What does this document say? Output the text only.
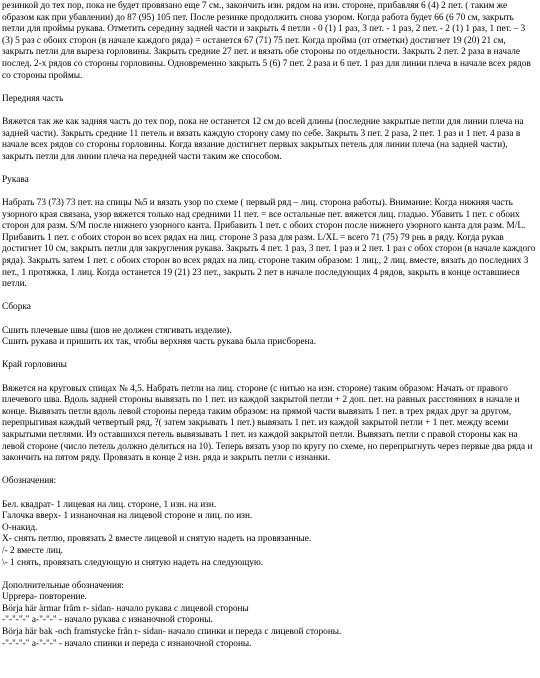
резинкой до тех пор, пока не будет провязано еще 7 см., закончить изн. рядом на изн. стороне, прибавляя 6 (4) 2 пет. ( таким же образом как при убавлении) до 87 (95) 105 пет. После резинке продолжить снова узором. Когда работа будет 66 (6 70 см, закрыть петли для проймы рукава. Отметить середину задней части и закрыть 4 петли - 0 (1) 1 раз, 3 пет. - 1 раз, 2 пет. - 2 (1) 1 раз, 1 пет. – 3 (3) 5 раз с обоих сторон (в начале каждого ряда) = останется 67 (71) 75 пет. Когда пройма (от отметки) достигнет 19 (20) 21 см, закрыть петли для выреза горловины. Закрыть средние 27 пет. и вязать обе стороны по отдельности. Закрыть 2 пет. 2 раза в начале послед. 2-х рядов со стороны горловины. Одновременно закрыть 5 (6) 7 пет. 2 раза и 6 пет. 1 раз для линии плеча в начале всех рядов со стороны проймы.

Передняя часть

Вяжется так же как задняя часть до тех пор, пока не останется 12 см до всей длины (последние закрытые петли для линии плеча на задней части). Закрыть средние 11 петель и вязать каждую сторону саму по себе. Закрыть 3 пет. 2 раза, 2 пет. 1 раз и 1 пет. 4 раза в начале всех рядов со стороны горловины. Когда вязание достигнет первых закрытых петель для линии плеча (на задней части), закрыть петли для линии плеча на передней части таким же способом.

Рукава

Набрать 73 (73) 73 пет. на спицы №5 и вязать узор по схеме ( первый ряд – лиц. сторона работы). Внимание: Когда нижняя часть узорного края связана, узор вяжется только над средними 11 пет. = все остальные пет. вяжется лиц. гладью. Убавить 1 пет. с обоих сторон для разм. S/M после нижнего узорного канта. Прибавить 1 пет. с обоих сторон после нижнего узорного канта для разм. M/L. Прибавить 1 пет. с обоих сторон во всех рядах на лиц. стороне 3 раза для разм. L/XL = всего 71 (75) 79 рнь в ряду. Когда рукав достигнет 10 см, закрыть петли для закругления рукава. Закрыть 4 пет. 1 раз, 3 пет. 1 раз и 2 пет. 1 раз с обох сторон (в начале каждого ряда). Закрыть затем 1 пет. с обоих сторон во всех рядах на лиц. стороне таким образом: 1 лиц., 2 лиц. вместе, вязать до последних 3 пет., 1 протяжка, 1 лиц. Когда останется 19 (21) 23 пет., закрыть 2 пет в начале последующих 4 рядов, закрыть в конце оставшиеся петли.

Сборка

Сшить плечевые швы (шов не должен стягивать изделие).

Сшить рукава и пришить их так, чтобы верхняя часть рукава была присборена.

Край горловины

Вяжется на круговых спицах № 4,5. Набрать петли на лиц. стороне (с нитью на изн. стороне) таким образом: Начать от правого плечевого шва. Вдоль задней стороны вывязать по 1 пет. из каждой закрытой петли + 2 доп. пет. на равных расстояниях в начале и конце. Вывязать петли вдоль левой стороны переда таким образом: на прямой части вывязать 1 пет. в трех рядах друг за другом, перепрыгивая каждый четвертый ряд, ?( затем закрывать 1 пет.) вывязать 1 пет. из каждой закрытой петли + 1 пет. между всеми закрытыми петлями. Из оставшихся петель вывязывать 1 пет. из каждой закрытой петли. Вывязать петли с правой стороны как на левой стороне (число петель должно делиться на 10). Теперь вязать узор по кругу по схеме, но перепрыгнуть через первые два ряда и закончить на пятом ряду. Провязать в конце 2 изн. ряда и закрыть петли с изнанки.

Обозначения:

Бел. квадрат- 1 лицевая на лиц. стороне, 1 изн. на изн.

Галочка вверх- 1 изнаночная на лицевой стороне и лиц. по изн.

О-накид.

Х- снять петлю, провязать 2 вместе лицевой и снятую надеть на провязанные.

/- 2 вместе лиц.

\- 1 снять, провязать следующую и снятую надеть на следующую.

Дополнительные обозначения:

Upprepa- повторение.

Börja här ärmar fråm r- sidan- начало рукава с лицевой стороны

-"-"-"-" a-"-"-" - начало рукава с изнаночной стороны.

Börja här bak -och framstycke från r- sidan- начало спинки и переда с лицевой стороны.

-"-"-"-" a-"-"-" - начало спинки и переда с изнаночной стороны.
